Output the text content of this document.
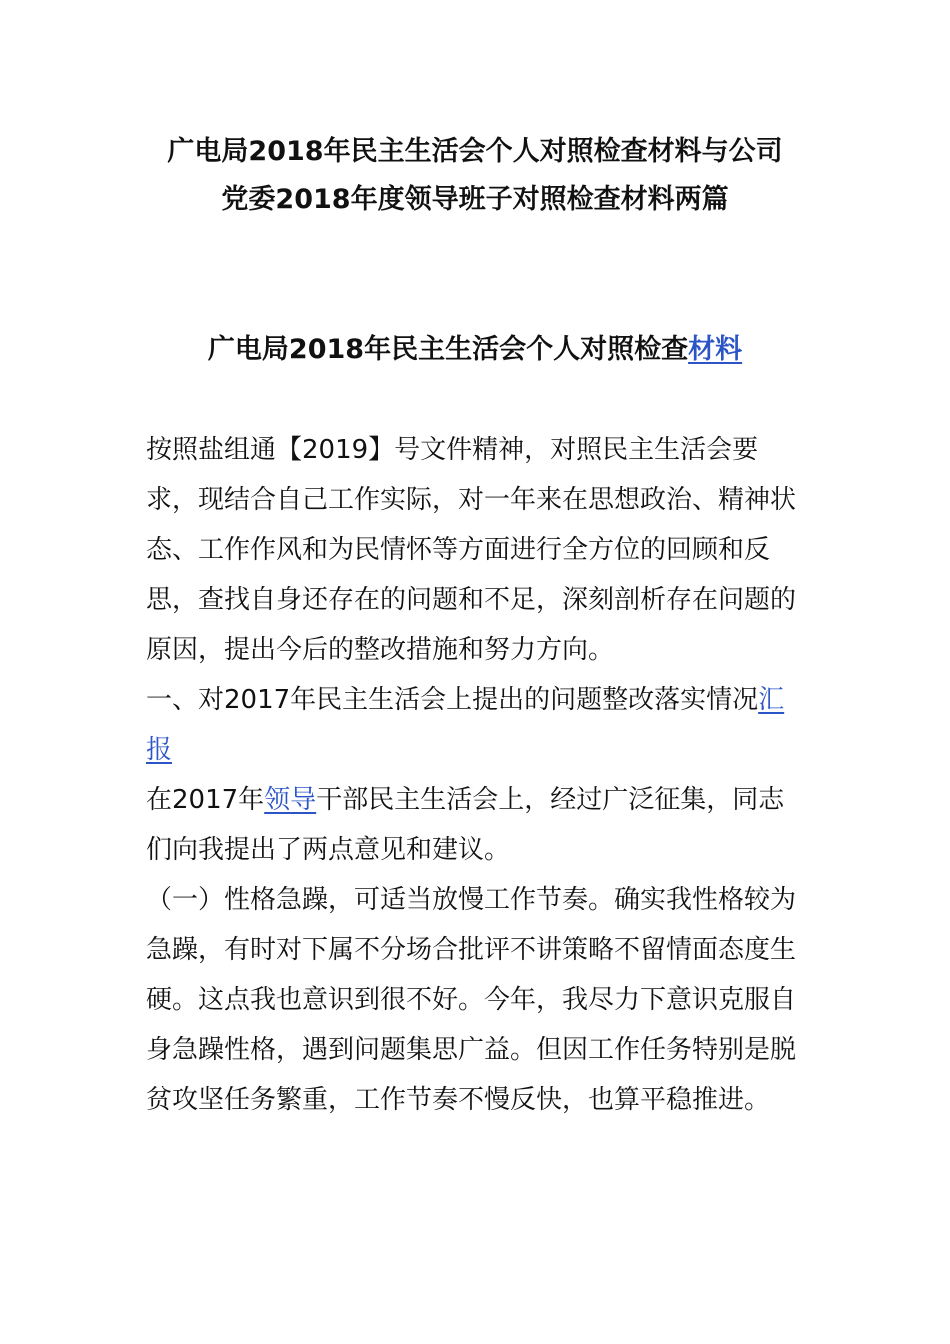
广电局2018年民主生活会个人对照检查材料与公司
党委2018年度领导班子对照检查材料两篇
广电局2018年民主生活会个人对照检查材料

按照盐组通【2019】号文件精神，对照民主生活会要求，现结合自己工作实际，对一年来在思想政治、精神状态、工作作风和为民情怀等方面进行全方位的回顾和反思，查找自身还存在的问题和不足，深刻剖析存在问题的原因，提出今后的整改措施和努力方向。

一、对2017年民主生活会上提出的问题整改落实情况汇报

在2017年领导干部民主生活会上，经过广泛征集，同志们向我提出了两点意见和建议。

（一）性格急躁，可适当放慢工作节奏。确实我性格较为急躁，有时对下属不分场合批评不讲策略不留情面态度生硬。这点我也意识到很不好。今年，我尽力下意识克服自身急躁性格，遇到问题集思广益。但因工作任务特别是脱贫攻坚任务繁重，工作节奏不慢反快，也算平稳推进。
